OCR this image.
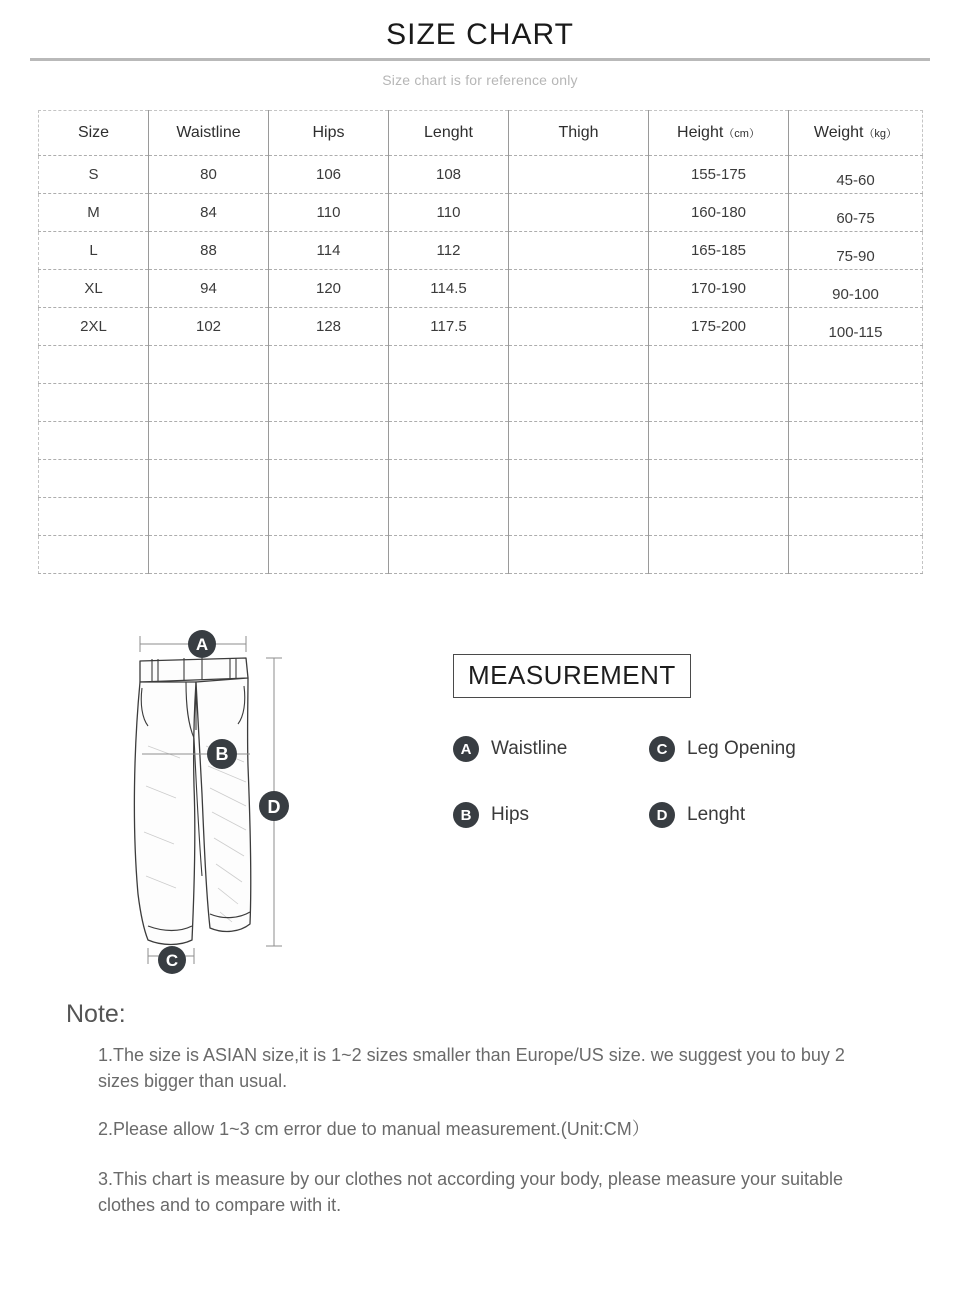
SIZE CHART
Size chart is for reference only
Size	Waistline	Hips	Lenght	Thigh	Height（cm）	Weight（kg）
S	80	106	108		155-175	45-60
M	84	110	110		160-180	60-75
L	88	114	112		165-185	75-90
XL	94	120	114.5		170-190	90-100
2XL	102	128	117.5		175-200	100-115

A
B
C
D
MEASUREMENT
A	Waistline	C	Leg Opening
B	Hips	D	Lenght
Note:
1.The size is ASIAN size,it is 1~2 sizes smaller than Europe/US size. we suggest you to buy 2 sizes bigger than usual.
2.Please allow 1~3 cm error due to manual measurement.(Unit:CM）
3.This chart is measure by our clothes not according your body, please measure your suitable clothes and to compare with it.
